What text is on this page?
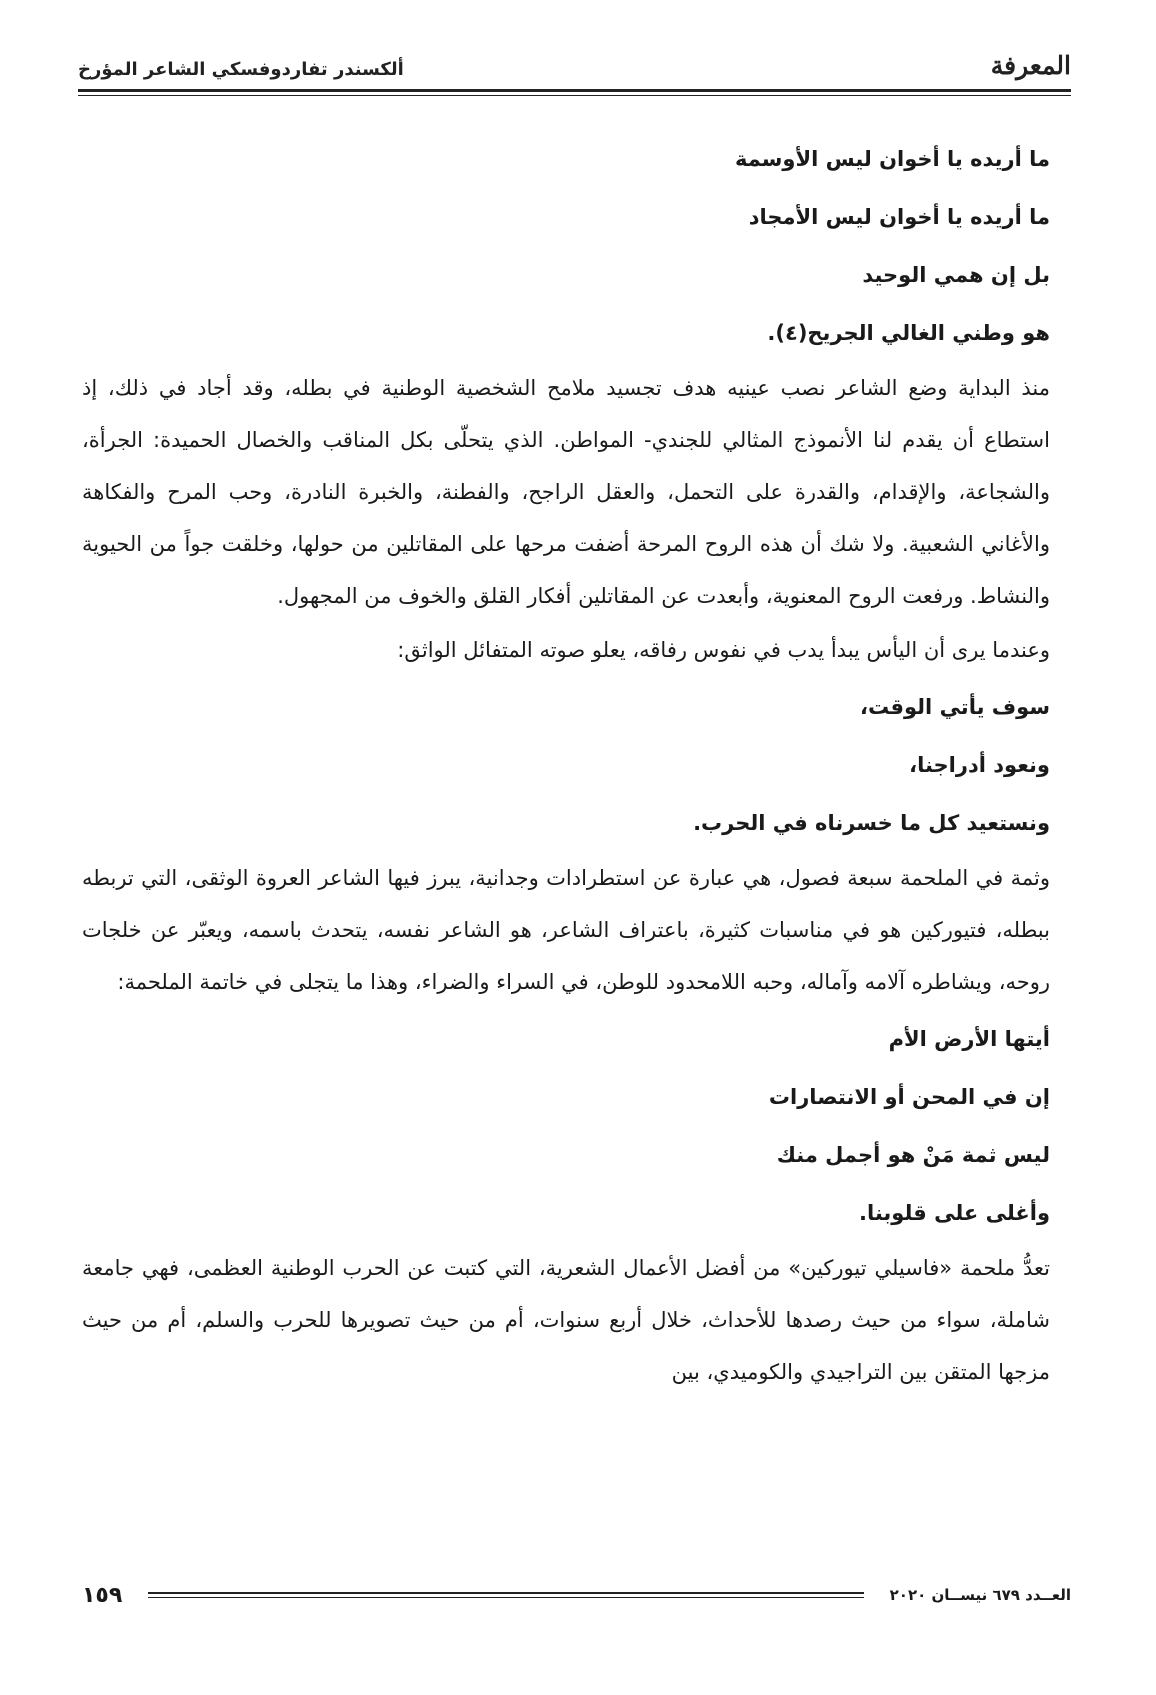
المعرفة
ألكسندر تفاردوفسكي الشاعر المؤرخ

ما أريده يا أخوان ليس الأوسمة

ما أريده يا أخوان ليس الأمجاد

بل إن همي الوحيد

هو وطني الغالي الجريح(٤).

منذ البداية وضع الشاعر نصب عينيه هدف تجسيد ملامح الشخصية الوطنية في بطله، وقد أجاد في ذلك، إذ استطاع أن يقدم لنا الأنموذج المثالي للجندي- المواطن. الذي يتحلّى بكل المناقب والخصال الحميدة: الجرأة، والشجاعة، والإقدام، والقدرة على التحمل، والعقل الراجح، والفطنة، والخبرة النادرة، وحب المرح والفكاهة والأغاني الشعبية. ولا شك أن هذه الروح المرحة أضفت مرحها على المقاتلين من حولها، وخلقت جواً من الحيوية والنشاط. ورفعت الروح المعنوية، وأبعدت عن المقاتلين أفكار القلق والخوف من المجهول.

وعندما يرى أن اليأس يبدأ يدب في نفوس رفاقه، يعلو صوته المتفائل الواثق:

سوف يأتي الوقت،

ونعود أدراجنا،

ونستعيد كل ما خسرناه في الحرب.

وثمة في الملحمة سبعة فصول، هي عبارة عن استطرادات وجدانية، يبرز فيها الشاعر العروة الوثقى، التي تربطه ببطله، فتيوركين هو في مناسبات كثيرة، باعتراف الشاعر، هو الشاعر نفسه، يتحدث باسمه، ويعبّر عن خلجات روحه، ويشاطره آلامه وآماله، وحبه اللامحدود للوطن، في السراء والضراء، وهذا ما يتجلى في خاتمة الملحمة:

أيتها الأرض الأم

إن في المحن أو الانتصارات

ليس ثمة مَنْ هو أجمل منك

وأغلى على قلوبنا.

تعدُّ ملحمة «فاسيلي تيوركين» من أفضل الأعمال الشعرية، التي كتبت عن الحرب الوطنية العظمى، فهي جامعة شاملة، سواء من حيث رصدها للأحداث، خلال أربع سنوات، أم من حيث تصويرها للحرب والسلم، أم من حيث مزجها المتقن بين التراجيدي والكوميدي، بين

العــدد ٦٧٩ نيســان ٢٠٢٠
١٥٩
